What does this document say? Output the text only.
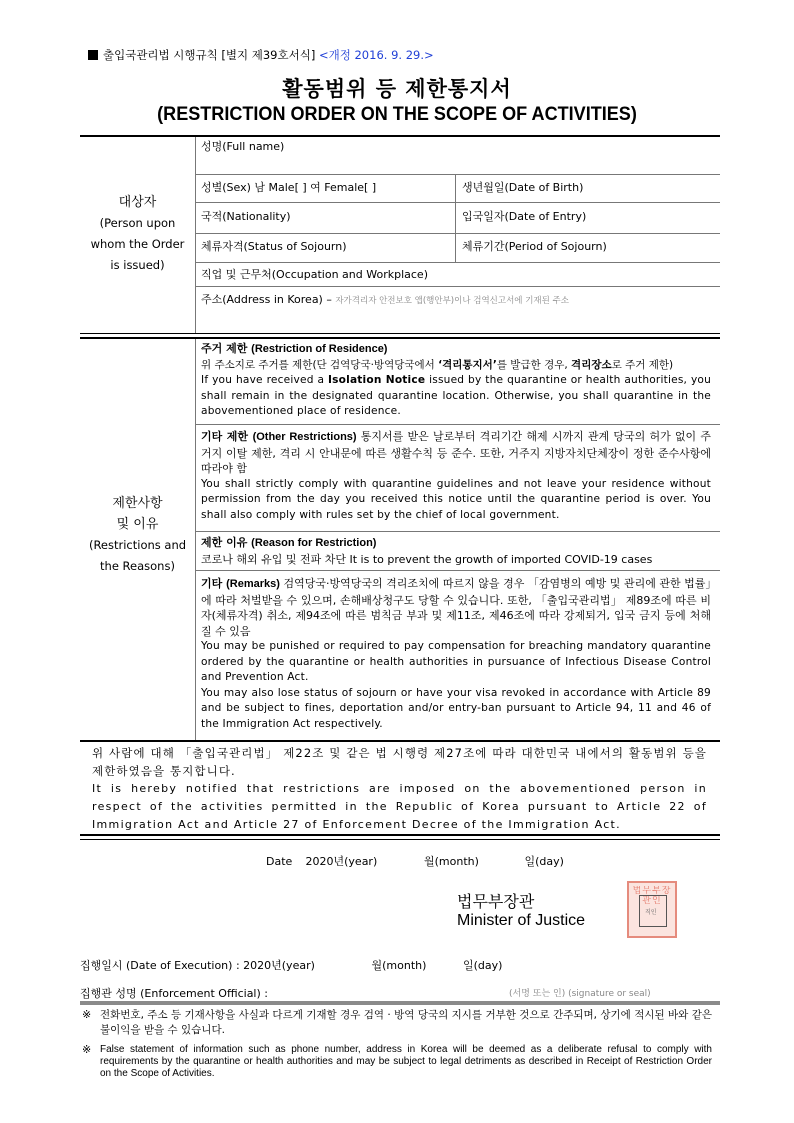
출입국관리법 시행규칙 [별지 제39호서식] <개정 2016. 9. 29.>
활동범위 등 제한통지서
(RESTRICTION ORDER ON THE SCOPE OF ACTIVITIES)
대상자
(Person upon
whom the Order
is issued)
성명(Full name)
성별(Sex) 남 Male[ ] 여 Female[ ]	생년월일(Date of Birth)
국적(Nationality)	입국일자(Date of Entry)
체류자격(Status of Sojourn)	체류기간(Period of Sojourn)
직업 및 근무처(Occupation and Workplace)
주소(Address in Korea) – 자가격리자 안전보호 앱(행안부)이나 검역신고서에 기재된 주소
제한사항
및 이유
(Restrictions and
the Reasons)
주거 제한 (Restriction of Residence)

위 주소지로 주거를 제한(단 검역당국·방역당국에서 ‘격리통지서’를 발급한 경우, 격리장소로 주거 제한)

If you have received a Isolation Notice issued by the quarantine or health authorities, you shall remain in the designated quarantine location. Otherwise, you shall quarantine in the abovementioned place of residence.

기타 제한 (Other Restrictions) 통지서를 받은 날로부터 격리기간 해제 시까지 관계 당국의 허가 없이 주거지 이탈 제한, 격리 시 안내문에 따른 생활수칙 등 준수. 또한, 거주지 지방자치단체장이 정한 준수사항에 따라야 함

You shall strictly comply with quarantine guidelines and not leave your residence without permission from the day you received this notice until the quarantine period is over. You shall also comply with rules set by the chief of local government.

제한 이유 (Reason for Restriction)

코로나 해외 유입 및 전파 차단 It is to prevent the growth of imported COVID-19 cases

기타 (Remarks) 검역당국·방역당국의 격리조치에 따르지 않을 경우 「감염병의 예방 및 관리에 관한 법률」에 따라 처벌받을 수 있으며, 손해배상청구도 당할 수 있습니다. 또한, 「출입국관리법」 제89조에 따른 비자(체류자격) 취소, 제94조에 따른 범칙금 부과 및 제11조, 제46조에 따라 강제퇴거, 입국 금지 등에 처해 질 수 있음

You may be punished or required to pay compensation for breaching mandatory quarantine ordered by the quarantine or health authorities in pursuance of Infectious Disease Control and Prevention Act.

You may also lose status of sojourn or have your visa revoked in accordance with Article 89 and be subject to fines, deportation and/or entry-ban pursuant to Article 94, 11 and 46 of the Immigration Act respectively.

위 사람에 대해 「출입국관리법」 제22조 및 같은 법 시행령 제27조에 따라 대한민국 내에서의 활동범위 등을 제한하였음을 통지합니다.

It is hereby notified that restrictions are imposed on the abovementioned person in respect of the activities permitted in the Republic of Korea pursuant to Article 22 of Immigration Act and Article 27 of Enforcement Decree of the Immigration Act.

Date 2020년(year)	월(month)	일(day)
법무부장관
Minister of Justice
법무부장관인
직인
집행일시 (Date of Execution) : 2020년(year)	월(month)	일(day)
집행관 성명 (Enforcement Official) :	(서명 또는 인) (signature or seal)
※ 전화번호, 주소 등 기재사항을 사실과 다르게 기재할 경우 검역 · 방역 당국의 지시를 거부한 것으로 간주되며, 상기에 적시된 바와 같은 불이익을 받을 수 있습니다.
※ False statement of information such as phone number, address in Korea will be deemed as a deliberate refusal to comply with requirements by the quarantine or health authorities and may be subject to legal detriments as described in Receipt of Restriction Order on the Scope of Activities.
